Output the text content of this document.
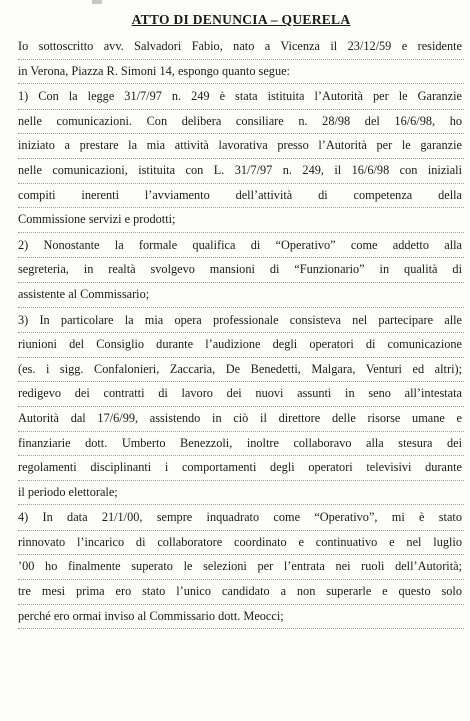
ATTO DI DENUNCIA – QUERELA
Io sottoscritto avv. Salvadori Fabio, nato a Vicenza il 23/12/59 e residente
in Verona, Piazza R. Simoni 14, espongo quanto segue:
1) Con la legge 31/7/97 n. 249 è stata istituita l’Autorità per le Garanzie
nelle comunicazioni. Con delibera consiliare n. 28/98 del 16/6/98, ho
iniziato a prestare la mia attività lavorativa presso l’Autorità per le garanzie
nelle comunicazioni, istituita con L. 31/7/97 n. 249, il 16/6/98 con iniziali
compiti inerenti l’avviamento dell’attività di competenza della
Commissione servizi e prodotti;
2) Nonostante la formale qualifica di “Operativo” come addetto alla
segreteria, in realtà svolgevo mansioni di “Funzionario” in qualità di
assistente al Commissario;
3) In particolare la mia opera professionale consisteva nel partecipare alle
riunioni del Consiglio durante l’audizione degli operatori di comunicazione
(es. i sigg. Confalonieri, Zaccaria, De Benedetti, Malgara, Venturi ed altri);
redigevo dei contratti di lavoro dei nuovi assunti in seno all’intestata
Autorità dal 17/6/99, assistendo in ciò il direttore delle risorse umane e
finanziarie dott. Umberto Benezzoli, inoltre collaboravo alla stesura dei
regolamenti disciplinanti i comportamenti degli operatori televisivi durante
il periodo elettorale;
4) In data 21/1/00, sempre inquadrato come “Operativo”, mi è stato
rinnovato l’incarico di collaboratore coordinato e continuativo e nel luglio
’00 ho finalmente superato le selezioni per l’entrata nei ruoli dell’Autorità;
tre mesi prima ero stato l’unico candidato a non superarle e questo solo
perché ero ormai inviso al Commissario dott. Meocci;
